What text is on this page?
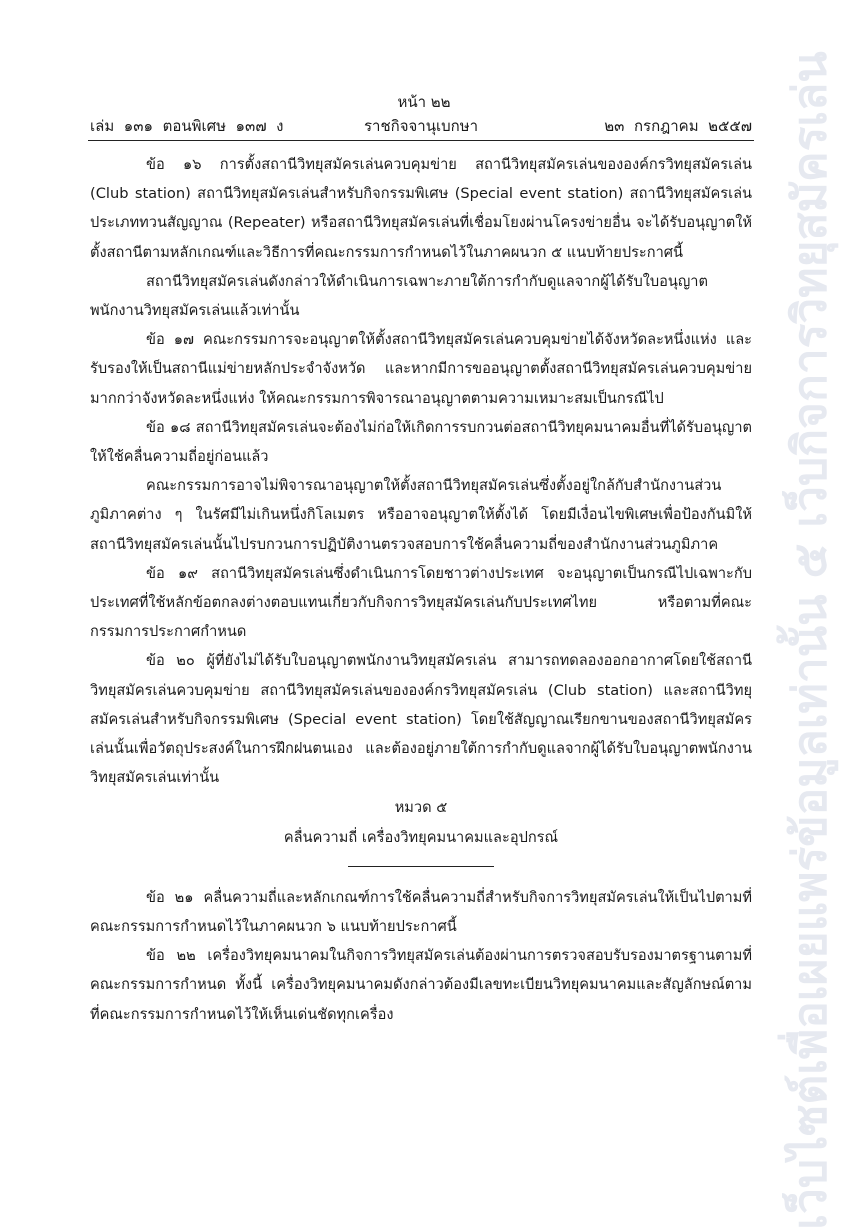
หน้า ๒๒
ราชกิจจานุเบกษา
เล่ม  ๑๓๑  ตอนพิเศษ  ๑๓๗  ง	๒๓  กรกฎาคม  ๒๕๕๗

ข้อ ๑๖ การตั้งสถานีวิทยุสมัครเล่นควบคุมข่าย สถานีวิทยุสมัครเล่นขององค์กรวิทยุสมัครเล่น (Club station) สถานีวิทยุสมัครเล่นสำหรับกิจกรรมพิเศษ (Special event station) สถานีวิทยุสมัครเล่นประเภททวนสัญญาณ (Repeater) หรือสถานีวิทยุสมัครเล่นที่เชื่อมโยงผ่านโครงข่ายอื่น จะได้รับอนุญาตให้ตั้งสถานีตามหลักเกณฑ์และวิธีการที่คณะกรรมการกำหนดไว้ในภาคผนวก ๕ แนบท้ายประกาศนี้

สถานีวิทยุสมัครเล่นดังกล่าวให้ดำเนินการเฉพาะภายใต้การกำกับดูแลจากผู้ได้รับใบอนุญาตพนักงานวิทยุสมัครเล่นแล้วเท่านั้น

ข้อ ๑๗ คณะกรรมการจะอนุญาตให้ตั้งสถานีวิทยุสมัครเล่นควบคุมข่ายได้จังหวัดละหนึ่งแห่ง และรับรองให้เป็นสถานีแม่ข่ายหลักประจำจังหวัด และหากมีการขออนุญาตตั้งสถานีวิทยุสมัครเล่นควบคุมข่ายมากกว่าจังหวัดละหนึ่งแห่ง ให้คณะกรรมการพิจารณาอนุญาตตามความเหมาะสมเป็นกรณีไป

ข้อ ๑๘ สถานีวิทยุสมัครเล่นจะต้องไม่ก่อให้เกิดการรบกวนต่อสถานีวิทยุคมนาคมอื่นที่ได้รับอนุญาตให้ใช้คลื่นความถี่อยู่ก่อนแล้ว

คณะกรรมการอาจไม่พิจารณาอนุญาตให้ตั้งสถานีวิทยุสมัครเล่นซึ่งตั้งอยู่ใกล้กับสำนักงานส่วนภูมิภาคต่าง ๆ ในรัศมีไม่เกินหนึ่งกิโลเมตร หรืออาจอนุญาตให้ตั้งได้ โดยมีเงื่อนไขพิเศษเพื่อป้องกันมิให้สถานีวิทยุสมัครเล่นนั้นไปรบกวนการปฏิบัติงานตรวจสอบการใช้คลื่นความถี่ของสำนักงานส่วนภูมิภาค

ข้อ ๑๙ สถานีวิทยุสมัครเล่นซึ่งดำเนินการโดยชาวต่างประเทศ จะอนุญาตเป็นกรณีไปเฉพาะกับประเทศที่ใช้หลักข้อตกลงต่างตอบแทนเกี่ยวกับกิจการวิทยุสมัครเล่นกับประเทศไทย หรือตามที่คณะกรรมการประกาศกำหนด

ข้อ ๒๐ ผู้ที่ยังไม่ได้รับใบอนุญาตพนักงานวิทยุสมัครเล่น สามารถทดลองออกอากาศโดยใช้สถานีวิทยุสมัครเล่นควบคุมข่าย สถานีวิทยุสมัครเล่นขององค์กรวิทยุสมัครเล่น (Club station) และสถานีวิทยุสมัครเล่นสำหรับกิจกรรมพิเศษ (Special event station) โดยใช้สัญญาณเรียกขานของสถานีวิทยุสมัครเล่นนั้นเพื่อวัตถุประสงค์ในการฝึกฝนตนเอง และต้องอยู่ภายใต้การกำกับดูแลจากผู้ได้รับใบอนุญาตพนักงานวิทยุสมัครเล่นเท่านั้น

หมวด ๕

คลื่นความถี่ เครื่องวิทยุคมนาคมและอุปกรณ์

ข้อ ๒๑ คลื่นความถี่และหลักเกณฑ์การใช้คลื่นความถี่สำหรับกิจการวิทยุสมัครเล่นให้เป็นไปตามที่คณะกรรมการกำหนดไว้ในภาคผนวก ๖ แนบท้ายประกาศนี้

ข้อ ๒๒ เครื่องวิทยุคมนาคมในกิจการวิทยุสมัครเล่นต้องผ่านการตรวจสอบรับรองมาตรฐานตามที่คณะกรรมการกำหนด ทั้งนี้ เครื่องวิทยุคมนาคมดังกล่าวต้องมีเลขทะเบียนวิทยุคมนาคมและสัญลักษณ์ตามที่คณะกรรมการกำหนดไว้ให้เห็นเด่นชัดทุกเครื่อง	เว็บไซต์เพื่อเผยแพร่ข้อมูลเท่านั้น ๕ เว็บกิจการวิทยุสมัครเล่น
